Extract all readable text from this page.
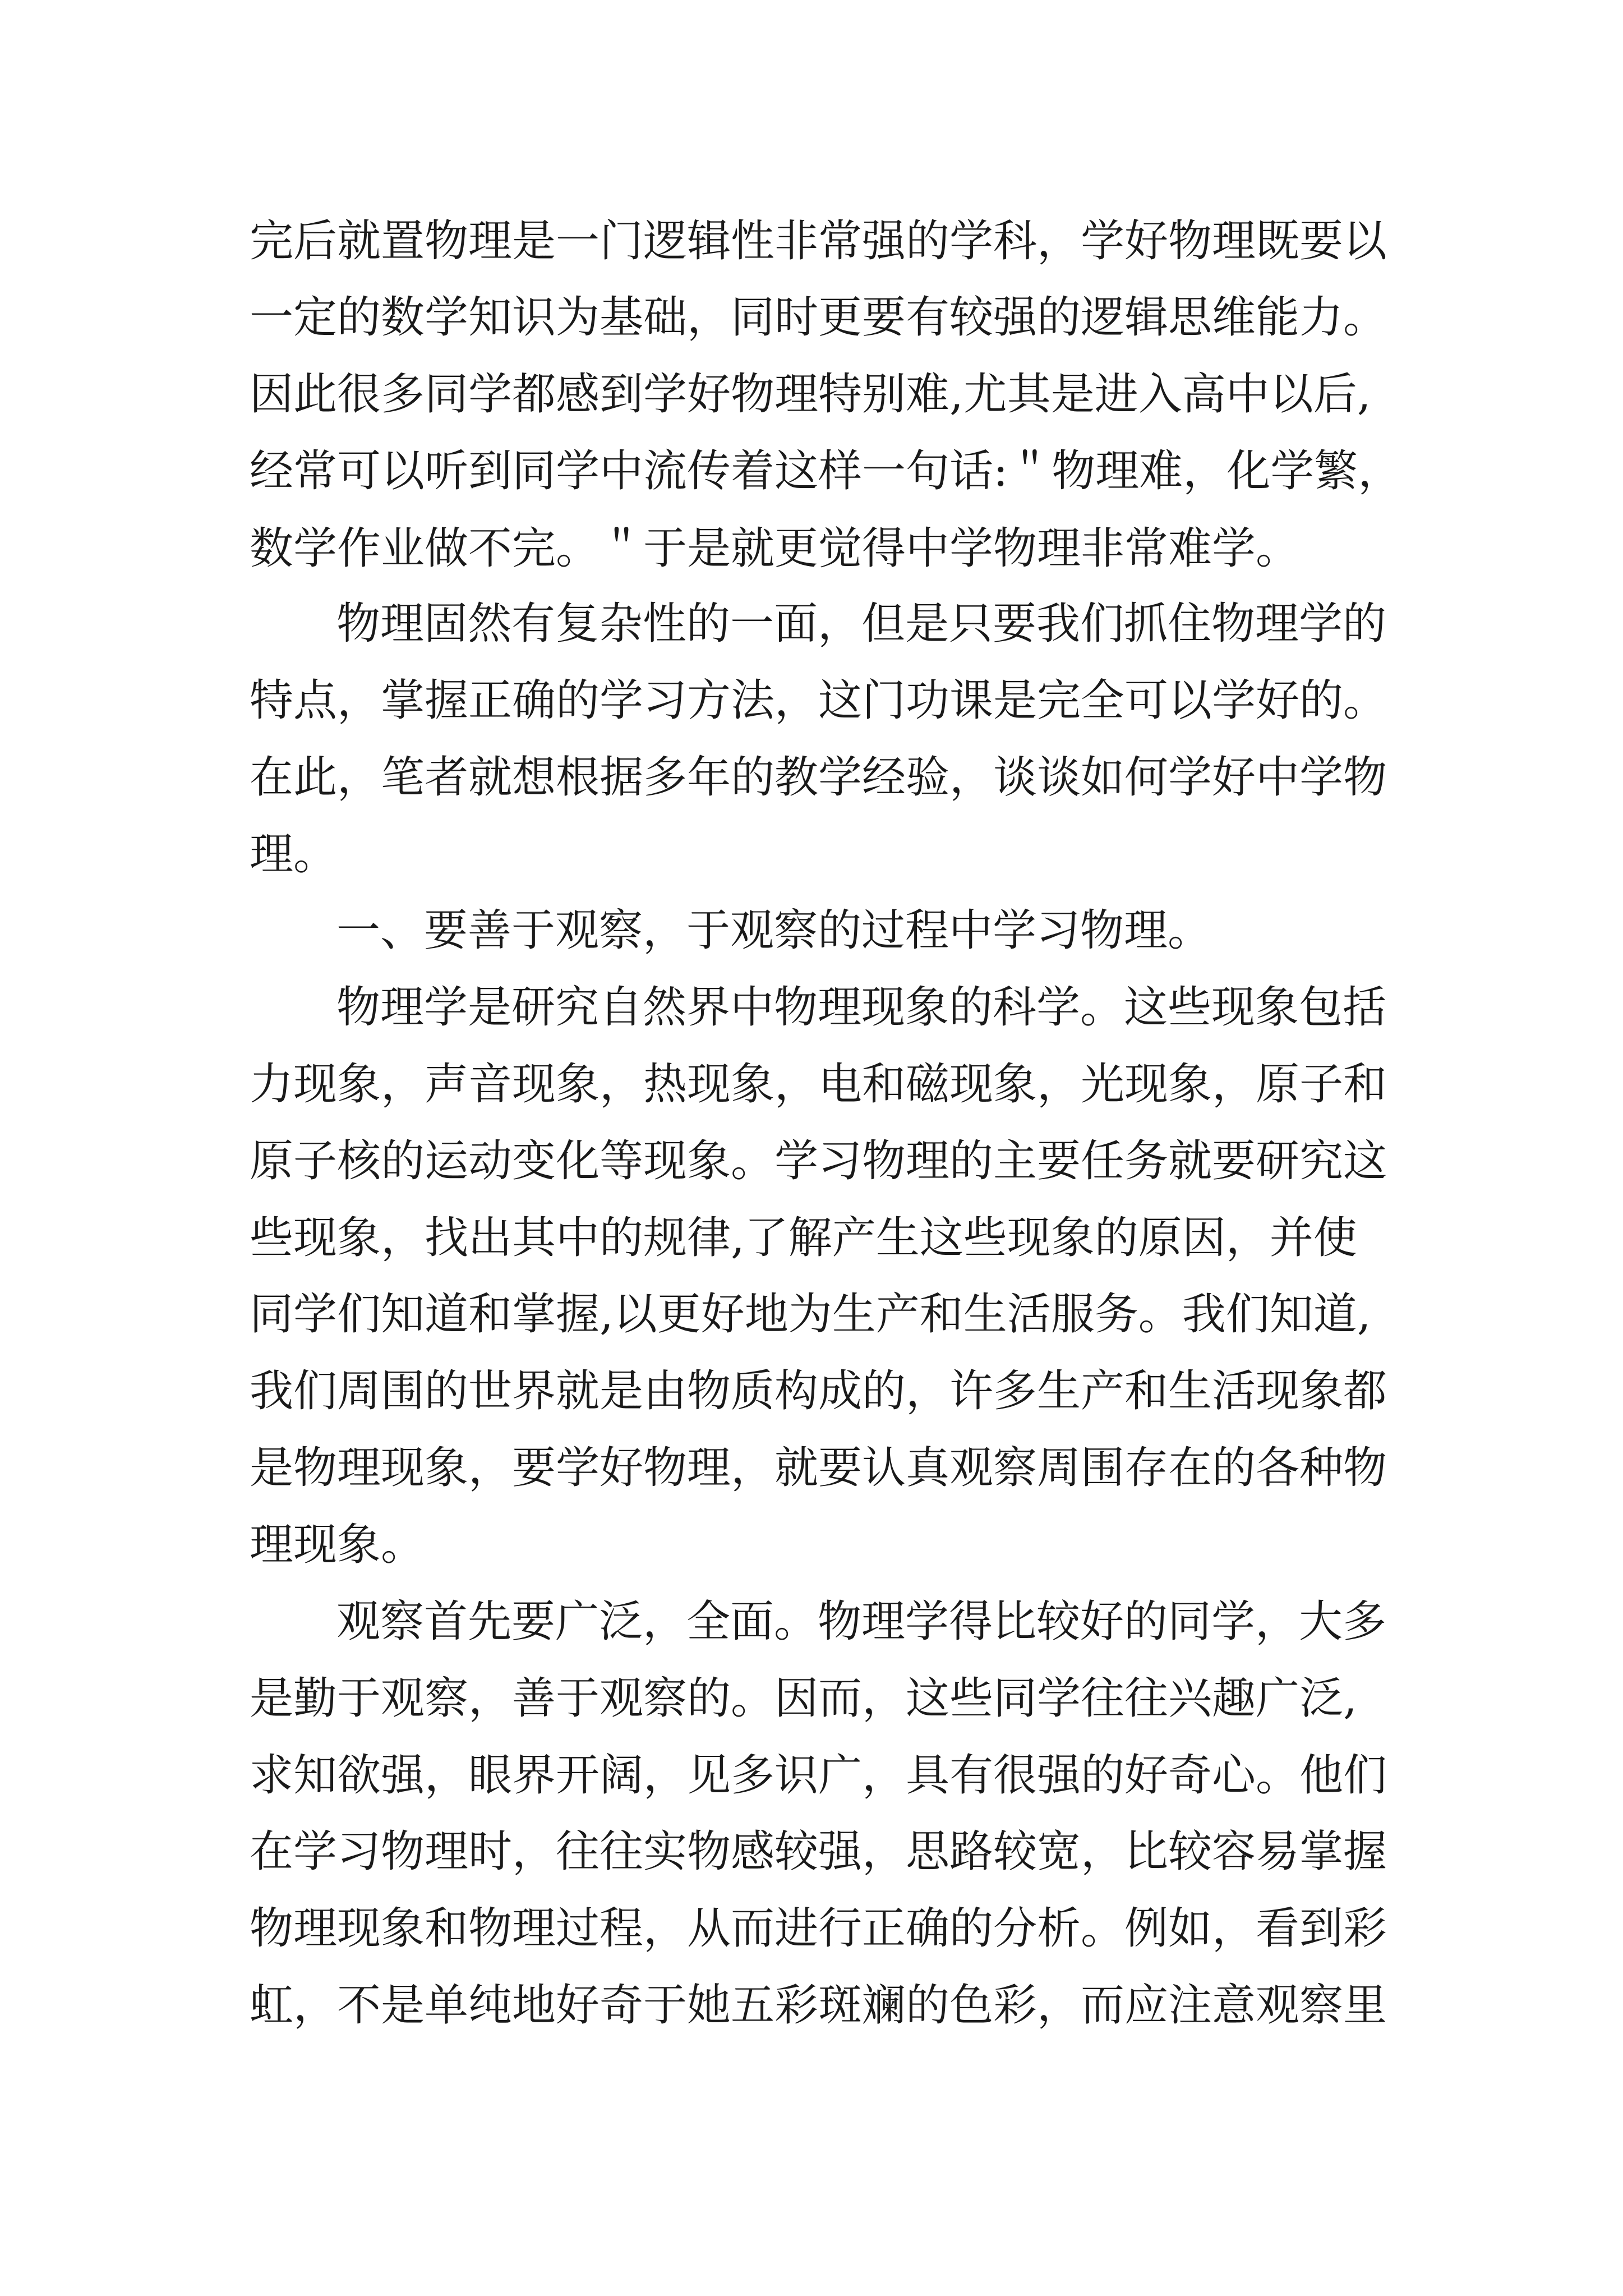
完后就置物理是一门逻辑性非常强的学科，学好物理既要以

一定的数学知识为基础，同时更要有较强的逻辑思维能力。

因此很多同学都感到学好物理特别难,尤其是进入高中以后,

经常可以听到同学中流传着这样一句话:＂物理难，化学繁，

数学作业做不完。＂于是就更觉得中学物理非常难学。

物理固然有复杂性的一面，但是只要我们抓住物理学的

特点，掌握正确的学习方法，这门功课是完全可以学好的。

在此，笔者就想根据多年的教学经验，谈谈如何学好中学物

理。

一、要善于观察，于观察的过程中学习物理。

物理学是研究自然界中物理现象的科学。这些现象包括

力现象，声音现象，热现象，电和磁现象，光现象，原子和

原子核的运动变化等现象。学习物理的主要任务就要研究这

些现象，找出其中的规律,了解产生这些现象的原因，并使

同学们知道和掌握,以更好地为生产和生活服务。我们知道,

我们周围的世界就是由物质构成的，许多生产和生活现象都

是物理现象，要学好物理，就要认真观察周围存在的各种物

理现象。

观察首先要广泛，全面。物理学得比较好的同学，大多

是勤于观察，善于观察的。因而，这些同学往往兴趣广泛,

求知欲强，眼界开阔，见多识广，具有很强的好奇心。他们

在学习物理时，往往实物感较强，思路较宽，比较容易掌握

物理现象和物理过程，从而进行正确的分析。例如，看到彩

虹，不是单纯地好奇于她五彩斑斓的色彩，而应注意观察里
